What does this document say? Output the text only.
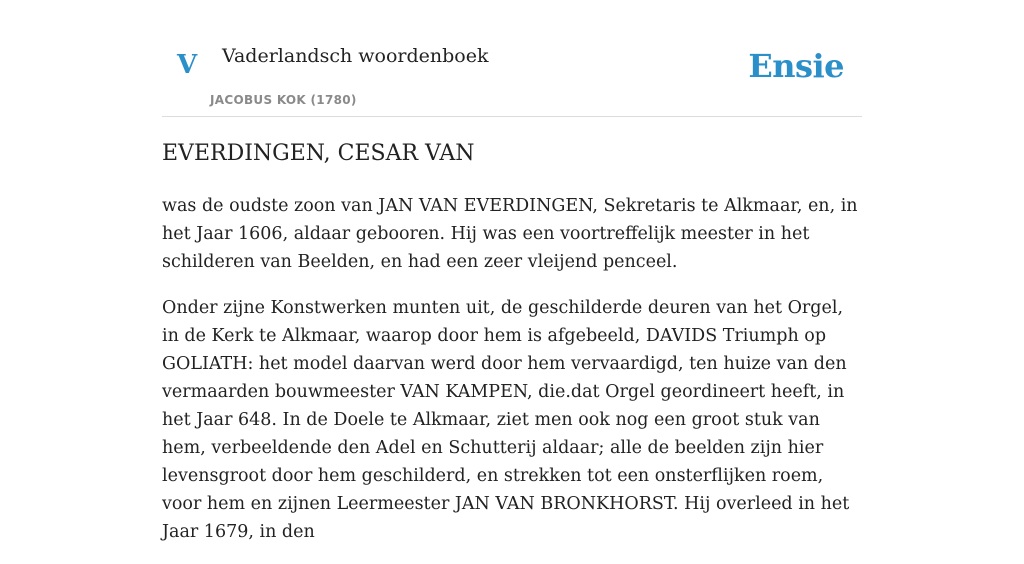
V Vaderlandsch woordenboek
JACOBUS KOK (1780)
Ensie
EVERDINGEN, CESAR VAN

was de oudste zoon van JAN VAN EVERDINGEN, Sekretaris te Alkmaar, en, in het Jaar 1606, aldaar gebooren. Hij was een voortreffelijk meester in het schilderen van Beelden, en had een zeer vleijend penceel.

Onder zijne Konstwerken munten uit, de geschilderde deuren van het Orgel, in de Kerk te Alkmaar, waarop door hem is afgebeeld, DAVIDS Triumph op GOLIATH: het model daarvan werd door hem vervaardigd, ten huize van den vermaarden bouwmeester VAN KAMPEN, die.dat Orgel geordineert heeft, in het Jaar 648. In de Doele te Alkmaar, ziet men ook nog een groot stuk van hem, verbeeldende den Adel en Schutterij aldaar; alle de beelden zijn hier levensgroot door hem geschilderd, en strekken tot een onsterflijken roem, voor hem en zijnen Leermeester JAN VAN BRONKHORST. Hij overleed in het Jaar 1679, in den
